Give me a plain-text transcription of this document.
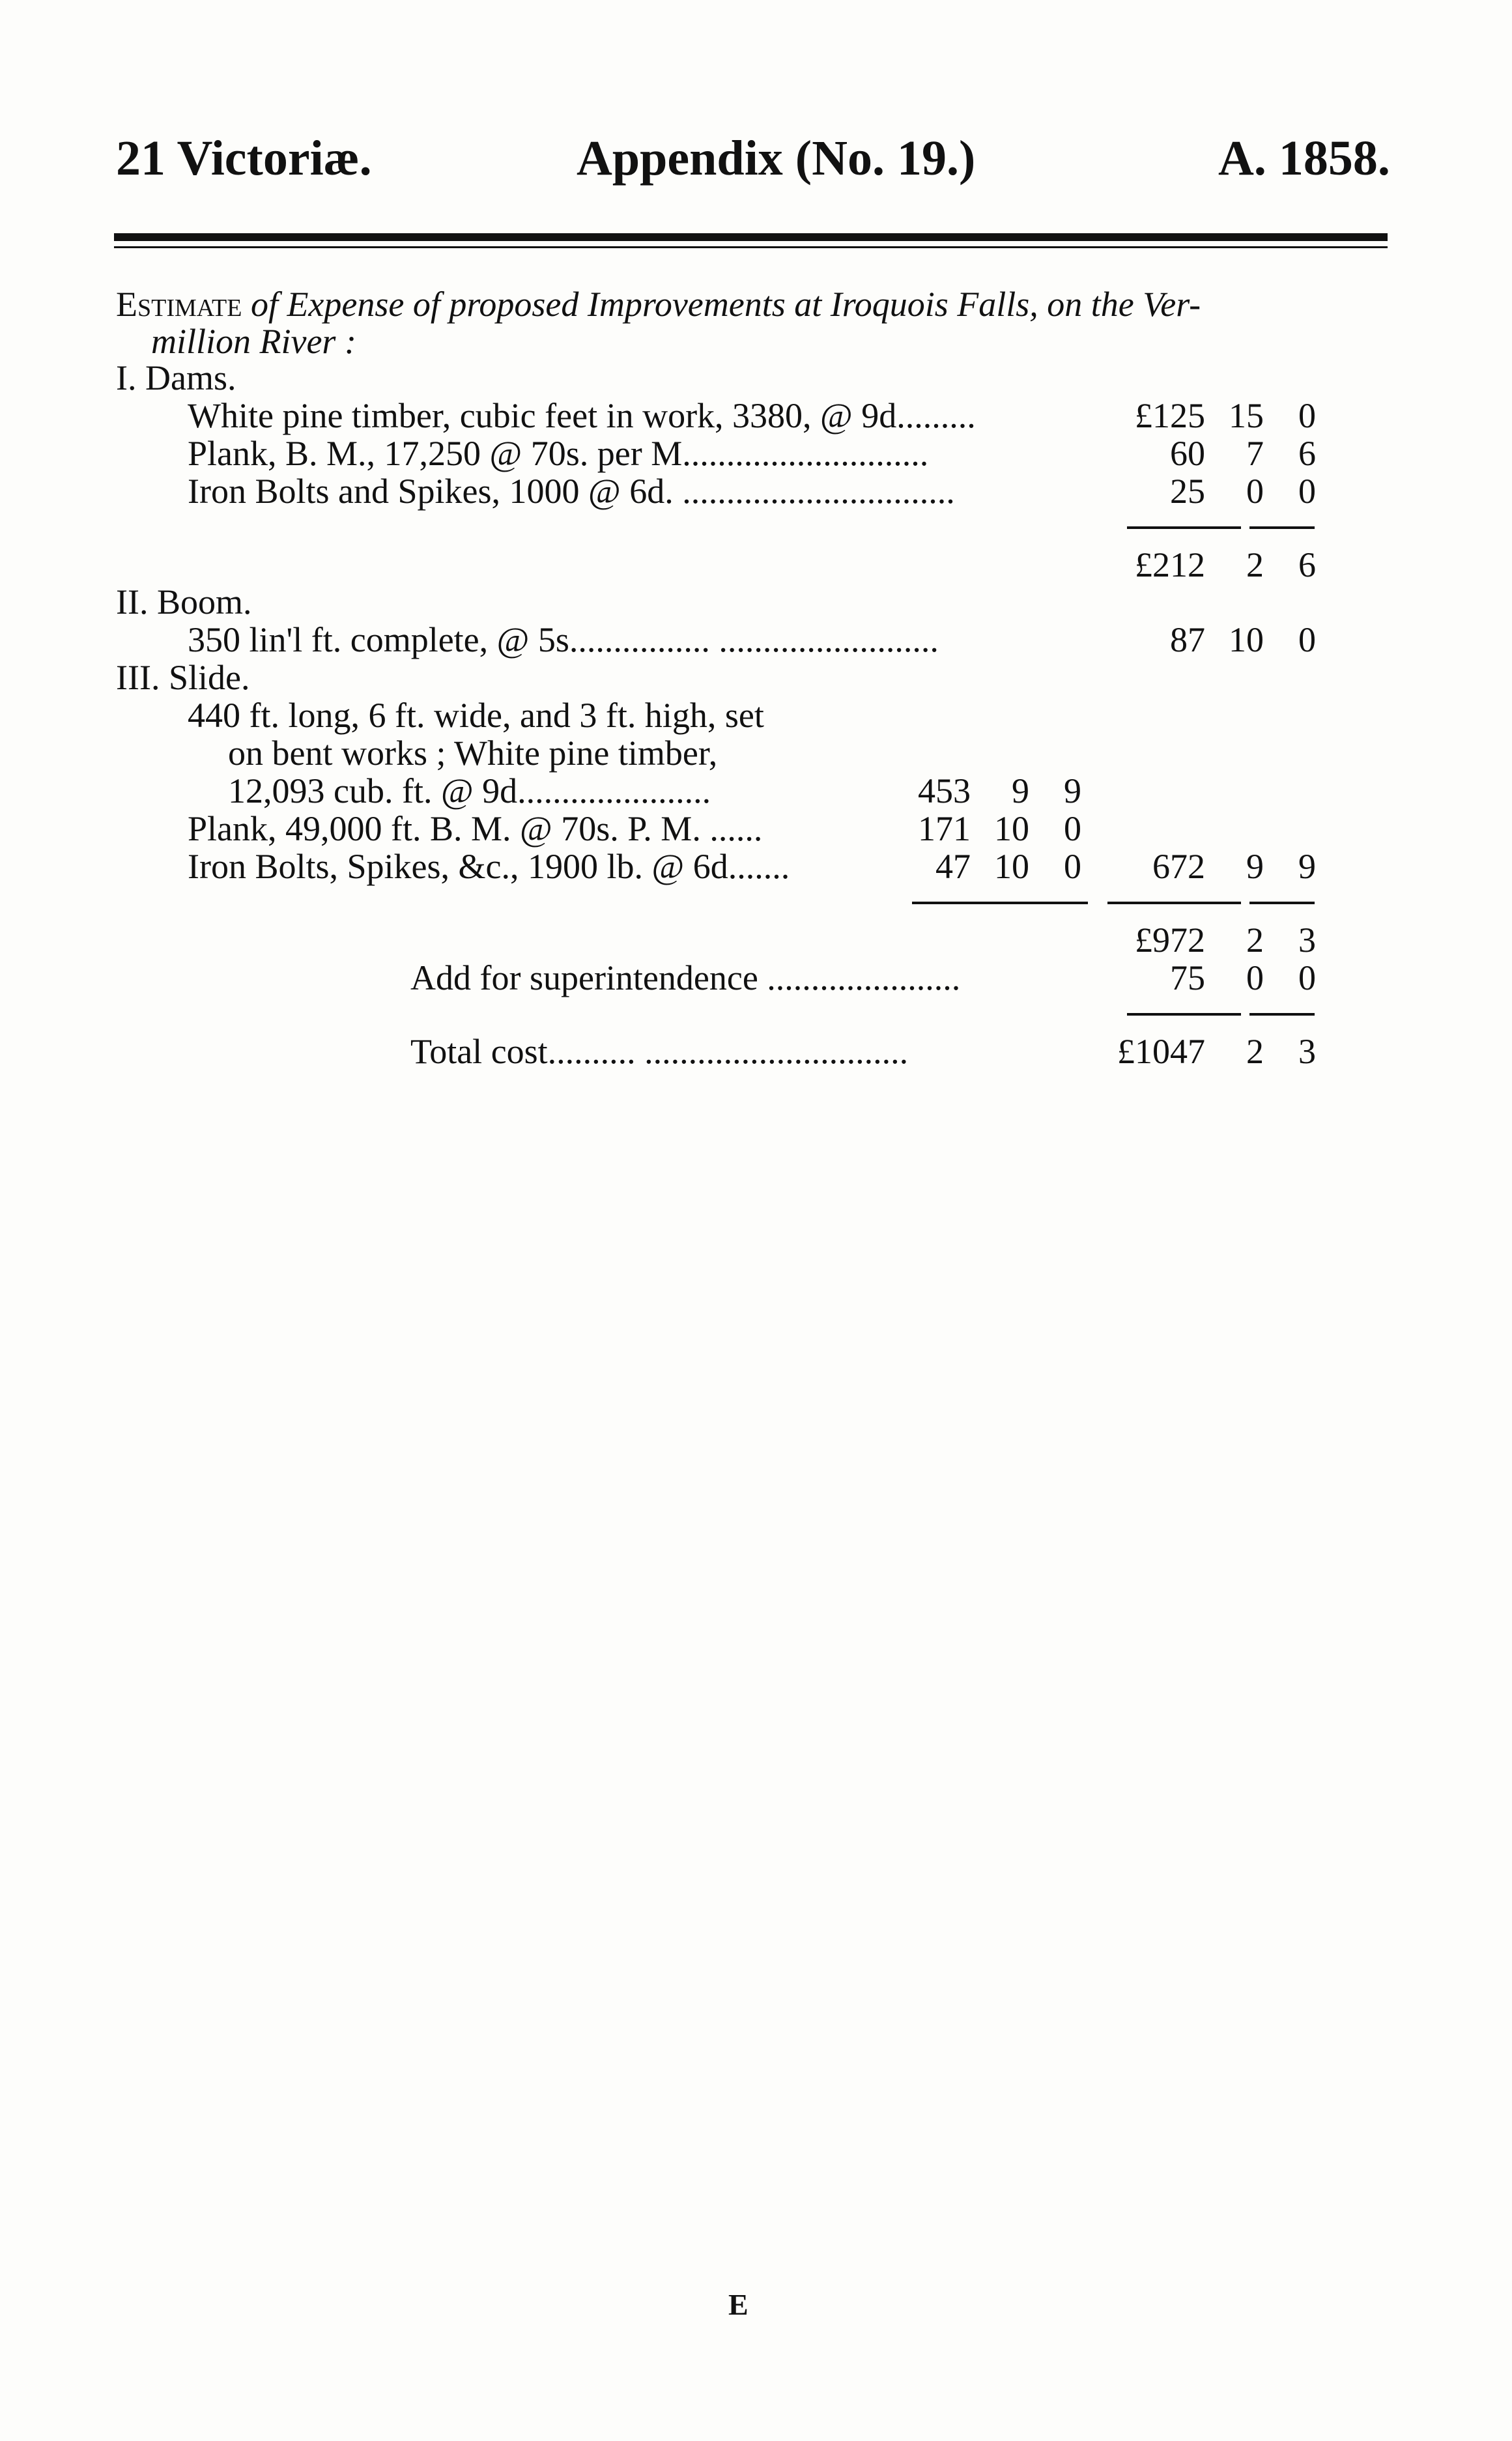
21 Victoriæ.	Appendix (No. 19.)	A. 1858.
Estimate of Expense of proposed Improvements at Iroquois Falls, on the Ver-
million River :
I. Dams.
White pine timber, cubic feet in work, 3380, @ 9d.........	£125 15 0
Plank, B. M., 17,250 @ 70s. per M............................	60	7 6
Iron Bolts and Spikes, 1000 @ 6d. ...............................	25	0 0
£212	2 6
II. Boom.
350 lin'l ft. complete, @ 5s................ .........................	87 10 0
III. Slide.
440 ft. long, 6 ft. wide, and 3 ft. high, set
on bent works ; White pine timber,
12,093 cub. ft. @ 9d......................	453	9 9
Plank, 49,000 ft. B. M. @ 70s. P. M. ......	171 10 0
Iron Bolts, Spikes, &c., 1900 lb. @ 6d.......	47 10 0	672	9 9
£972	2 3
Add for superintendence ......................	75	0 0
Total cost.......... ..............................	£1047	2 3
E
